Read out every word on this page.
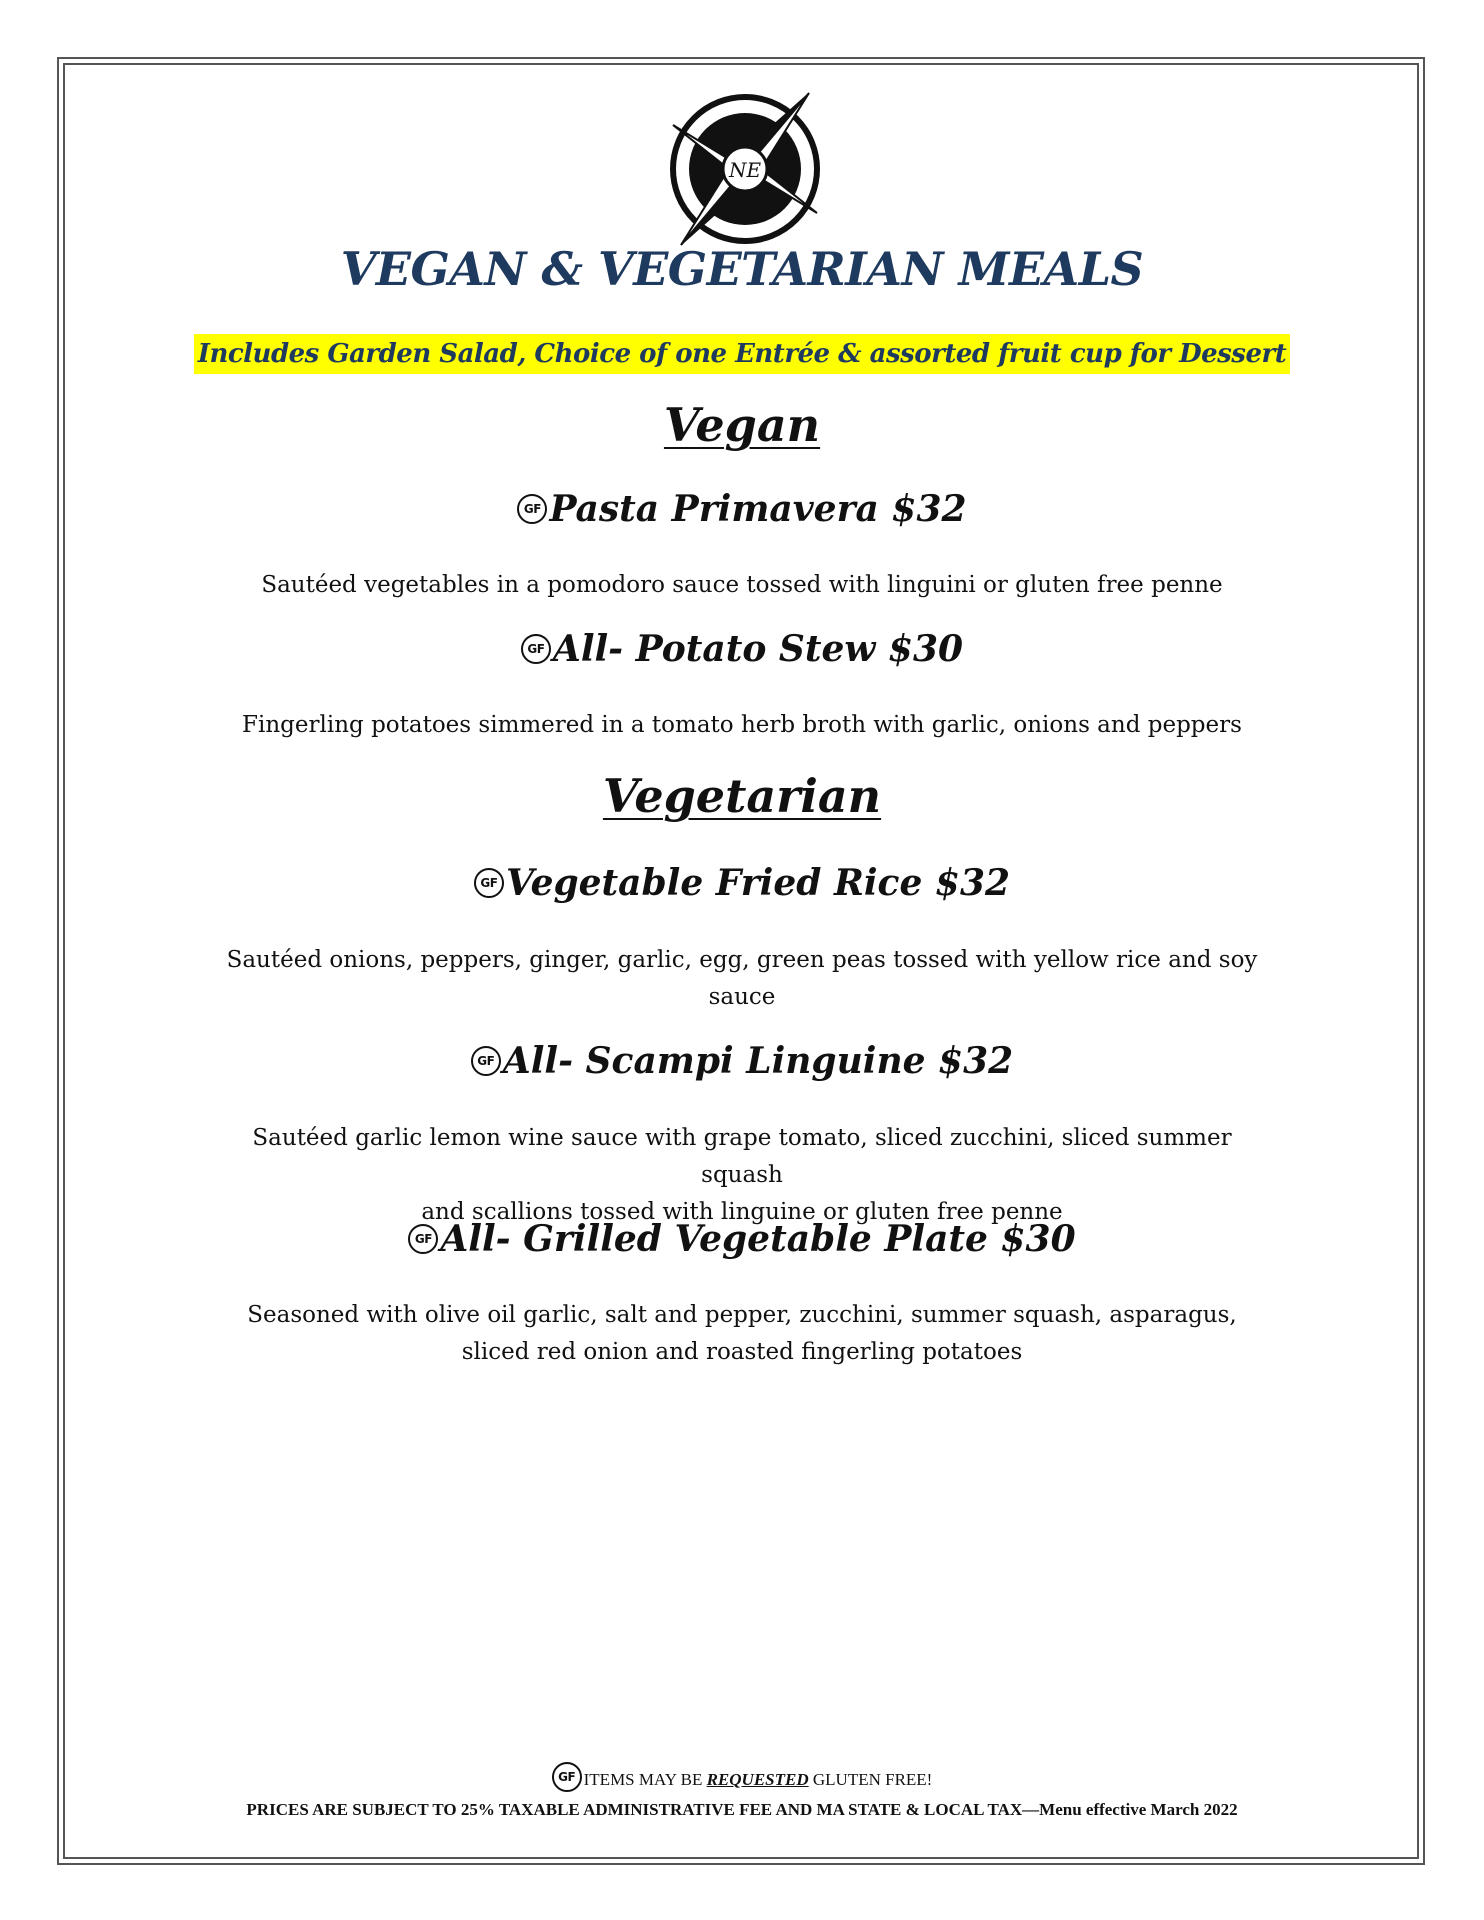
NE
VEGAN & VEGETARIAN MEALS
Includes Garden Salad, Choice of one Entrée & assorted fruit cup for Dessert
Vegan
GF Pasta Primavera $32
Sautéed vegetables in a pomodoro sauce tossed with linguini or gluten free penne
GF All- Potato Stew $30
Fingerling potatoes simmered in a tomato herb broth with garlic, onions and peppers
Vegetarian
GF Vegetable Fried Rice $32
Sautéed onions, peppers, ginger, garlic, egg, green peas tossed with yellow rice and soy
sauce
GF All- Scampi Linguine $32
Sautéed garlic lemon wine sauce with grape tomato, sliced zucchini, sliced summer squash
and scallions tossed with linguine or gluten free penne
GF All- Grilled Vegetable Plate $30
Seasoned with olive oil garlic, salt and pepper, zucchini, summer squash, asparagus,
sliced red onion and roasted fingerling potatoes
GF ITEMS MAY BE REQUESTED GLUTEN FREE!
PRICES ARE SUBJECT TO 25% TAXABLE ADMINISTRATIVE FEE AND MA STATE & LOCAL TAX—Menu effective March 2022
